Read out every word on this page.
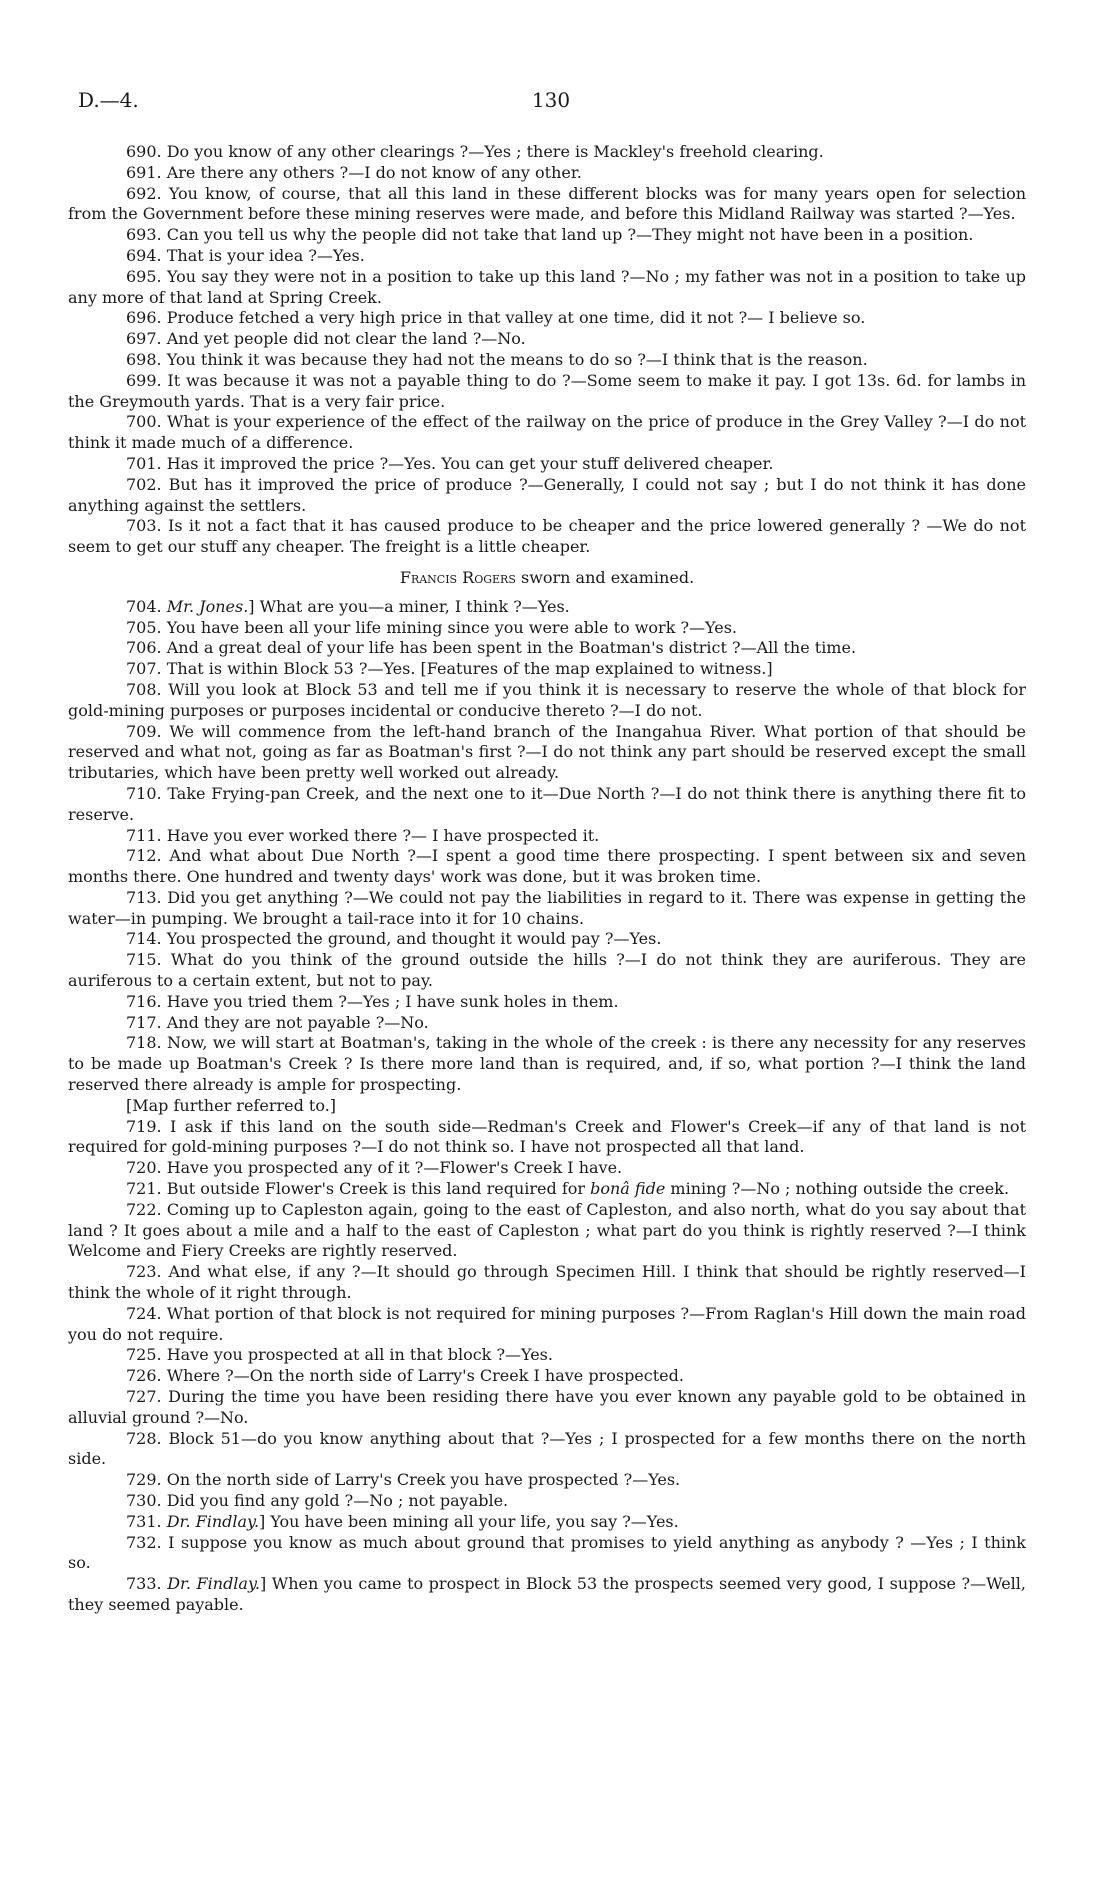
D.—4.	130

690. Do you know of any other clearings ?—Yes ; there is Mackley's freehold clearing.

691. Are there any others ?—I do not know of any other.

692. You know, of course, that all this land in these different blocks was for many years open for selection from the Government before these mining reserves were made, and before this Midland Railway was started ?—Yes.

693. Can you tell us why the people did not take that land up ?—They might not have been in a position.

694. That is your idea ?—Yes.

695. You say they were not in a position to take up this land ?—No ; my father was not in a position to take up any more of that land at Spring Creek.

696. Produce fetched a very high price in that valley at one time, did it not ?— I believe so.

697. And yet people did not clear the land ?—No.

698. You think it was because they had not the means to do so ?—I think that is the reason.

699. It was because it was not a payable thing to do ?—Some seem to make it pay. I got 13s. 6d. for lambs in the Greymouth yards. That is a very fair price.

700. What is your experience of the effect of the railway on the price of produce in the Grey Valley ?—I do not think it made much of a difference.

701. Has it improved the price ?—Yes. You can get your stuff delivered cheaper.

702. But has it improved the price of produce ?—Generally, I could not say ; but I do not think it has done anything against the settlers.

703. Is it not a fact that it has caused produce to be cheaper and the price lowered generally ? —We do not seem to get our stuff any cheaper. The freight is a little cheaper.

Francis Rogers sworn and examined.

704. Mr. Jones.] What are you—a miner, I think ?—Yes.

705. You have been all your life mining since you were able to work ?—Yes.

706. And a great deal of your life has been spent in the Boatman's district ?—All the time.

707. That is within Block 53 ?—Yes. [Features of the map explained to witness.]

708. Will you look at Block 53 and tell me if you think it is necessary to reserve the whole of that block for gold-mining purposes or purposes incidental or conducive thereto ?—I do not.

709. We will commence from the left-hand branch of the Inangahua River. What portion of that should be reserved and what not, going as far as Boatman's first ?—I do not think any part should be reserved except the small tributaries, which have been pretty well worked out already.

710. Take Frying-pan Creek, and the next one to it—Due North ?—I do not think there is anything there fit to reserve.

711. Have you ever worked there ?— I have prospected it.

712. And what about Due North ?—I spent a good time there prospecting. I spent between six and seven months there. One hundred and twenty days' work was done, but it was broken time.

713. Did you get anything ?—We could not pay the liabilities in regard to it. There was expense in getting the water—in pumping. We brought a tail-race into it for 10 chains.

714. You prospected the ground, and thought it would pay ?—Yes.

715. What do you think of the ground outside the hills ?—I do not think they are auriferous. They are auriferous to a certain extent, but not to pay.

716. Have you tried them ?—Yes ; I have sunk holes in them.

717. And they are not payable ?—No.

718. Now, we will start at Boatman's, taking in the whole of the creek : is there any necessity for any reserves to be made up Boatman's Creek ? Is there more land than is required, and, if so, what portion ?—I think the land reserved there already is ample for prospecting.

[Map further referred to.]

719. I ask if this land on the south side—Redman's Creek and Flower's Creek—if any of that land is not required for gold-mining purposes ?—I do not think so. I have not prospected all that land.

720. Have you prospected any of it ?—Flower's Creek I have.

721. But outside Flower's Creek is this land required for bonâ fide mining ?—No ; nothing outside the creek.

722. Coming up to Capleston again, going to the east of Capleston, and also north, what do you say about that land ? It goes about a mile and a half to the east of Capleston ; what part do you think is rightly reserved ?—I think Welcome and Fiery Creeks are rightly reserved.

723. And what else, if any ?—It should go through Specimen Hill. I think that should be rightly reserved—I think the whole of it right through.

724. What portion of that block is not required for mining purposes ?—From Raglan's Hill down the main road you do not require.

725. Have you prospected at all in that block ?—Yes.

726. Where ?—On the north side of Larry's Creek I have prospected.

727. During the time you have been residing there have you ever known any payable gold to be obtained in alluvial ground ?—No.

728. Block 51—do you know anything about that ?—Yes ; I prospected for a few months there on the north side.

729. On the north side of Larry's Creek you have prospected ?—Yes.

730. Did you find any gold ?—No ; not payable.

731. Dr. Findlay.] You have been mining all your life, you say ?—Yes.

732. I suppose you know as much about ground that promises to yield anything as anybody ? —Yes ; I think so.

733. Dr. Findlay.] When you came to prospect in Block 53 the prospects seemed very good, I suppose ?—Well, they seemed payable.
